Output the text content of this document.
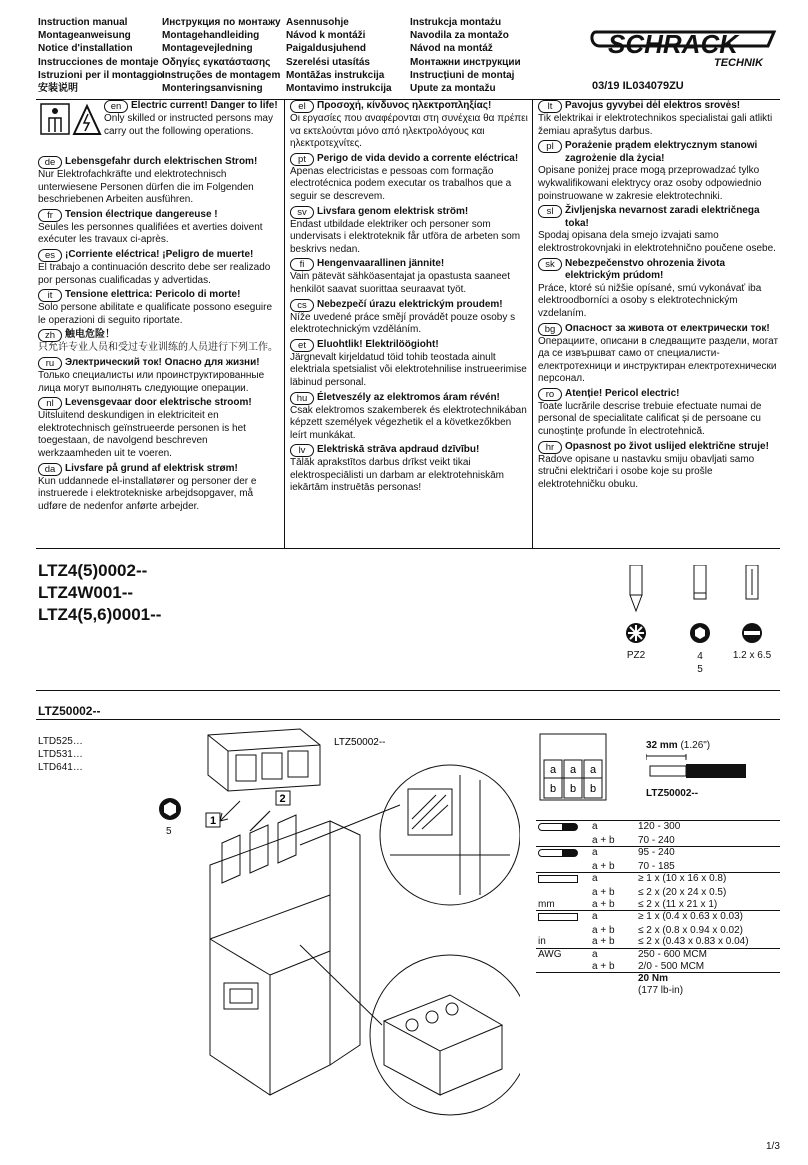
Instruction manual
Montageanweisung
Notice d'installation
Instrucciones de montaje
Istruzioni per il montaggio
安装说明
Инструкция по монтажу
Montagehandleiding
Montagevejledning
Οδηγίες εγκατάστασης
Instruções de montagem
Monteringsanvisning
Asennusohje
Návod k montáži
Paigaldusjuhend
Szerelési utasítás
Montāžas instrukcija
Montavimo instrukcija
Instrukcja montażu
Navodila za montažo
Návod na montáž
Монтажни инструкции
Instrucțiuni de montaj
Upute za montažu
SCHRACK
TECHNIK
03/19 IL034079ZU
en Electric current! Danger to life!
Only skilled or instructed persons may carry out the following operations.
de Lebensgefahr durch elektrischen Strom!
Nur Elektrofachkräfte und elektrotechnisch unterwiesene Personen dürfen die im Folgenden beschriebenen Arbeiten ausführen.
fr	Tension électrique dangereuse !
Seules les personnes qualifiées et averties doivent exécuter les travaux ci-après.
es ¡Corriente eléctrica! ¡Peligro de muerte!
El trabajo a continuación descrito debe ser realizado por personas cualificadas y advertidas.
it	Tensione elettrica: Pericolo di morte!
Solo persone abilitate e qualificate possono eseguire le operazioni di seguito riportate.
zh 触电危险！
只允许专业人员和受过专业训练的人员进行下列工作。
ru	Электрический ток! Опасно для жизни!
Только специалисты или проинструктированные лица могут выполнять следующие операции.
nl	Levensgevaar door elektrische stroom!
Uitsluitend deskundigen in elektriciteit en elektrotechnisch geïnstrueerde personen is het toegestaan, de navolgend beschreven werkzaamheden uit te voeren.
da Livsfare på grund af elektrisk strøm!
Kun uddannede el-installatører og personer der e instruerede i elektrotekniske arbejdsopgaver, må udføre de nedenfor anførte arbejder.
el	Προσοχή, κίνδυνος ηλεκτροπληξίας!
Οι εργασίες που αναφέρονται στη συνέχεια θα πρέπει να εκτελούνται μόνο από ηλεκτρολόγους και ηλεκτροτεχνίτες.
pt	Perigo de vida devido a corrente eléctrica!
Apenas electricistas e pessoas com formação electrotécnica podem executar os trabalhos que a seguir se descrevem.
sv	Livsfara genom elektrisk ström!
Endast utbildade elektriker och personer som undervisats i elektroteknik får utföra de arbeten som beskrivs nedan.
fi	Hengenvaarallinen jännite!
Vain pätevät sähköasentajat ja opastusta saaneet henkilöt saavat suorittaa seuraavat työt.
cs	Nebezpečí úrazu elektrickým proudem!
Níže uvedené práce smějí provádět pouze osoby s elektrotechnickým vzděláním.
et	Eluohtlik! Elektrilöögioht!
Järgnevalt kirjeldatud töid tohib teostada ainult elektriala spetsialist või elektrotehnilise instrueerimise läbinud personal.
hu Életveszély az elektromos áram révén!
Csak elektromos szakemberek és elektrotechnikában képzett személyek végezhetik el a következőkben leírt munkákat.
lv	Elektriskā strāva apdraud dzīvību!
Tālāk aprakstītos darbus drīkst veikt tikai elektrospeciālisti un darbam ar elektrotehniskām iekārtām instruētās personas!
lt	Pavojus gyvybei dėl elektros srovės!
Tik elektrikai ir elektrotechnikos specialistai gali atlikti žemiau aprašytus darbus.
pl	Porażenie prądem elektrycznym stanowi zagrożenie dla życia!
Opisane poniżej prace mogą przeprowadzać tylko wykwalifikowani elektrycy oraz osoby odpowiednio poinstruowane w zakresie elektrotechniki.
sl	Življenjska nevarnost zaradi električnega toka!
Spodaj opisana dela smejo izvajati samo elektrostrokovnjaki in elektrotehnično poučene osebe.
sk	Nebezpečenstvo ohrozenia života elektrickým prúdom!
Práce, ktoré sú nižšie opísané, smú vykonávať iba elektroodborníci a osoby s elektrotechnickým vzdelaním.
bg Опасност за живота от електрически ток!
Операциите, описани в следващите раздели, могат да се извършват само от специалисти-електротехници и инструктиран електротехнически персонал.
ro	Atenție! Pericol electric!
Toate lucrările descrise trebuie efectuate numai de personal de specialitate calificat și de persoane cu cunoștințe profunde în electrotehnică.
hr	Opasnost po život uslijed električne struje!
Radove opisane u nastavku smiju obavljati samo stručni električari i osobe koje su prošle elektrotehničku obuku.
LTZ4(5)0002--
LTZ4W001--
LTZ4(5,6)0001--
PZ2	4
5
1.2 x 6.5
LTZ50002--
LTD525…
LTD531…
LTD641…
5
2
1
LTZ50002--
a a a
b b b
32 mm (1.26")
LTZ50002--
	a	120 - 300
	a + b	70 - 240
	a	95 - 240
	a + b	70 - 185
	a	≥ 1 x (10 x 16 x 0.8)
	a + b	≤ 2 x (20 x 24 x 0.5)
mm	a + b	≤ 2 x (11 x 21 x 1)
	a	≥ 1 x (0.4 x 0.63 x 0.03)
	a + b	≤ 2 x (0.8 x 0.94 x 0.02)
in	a + b	≤ 2 x (0.43 x 0.83 x 0.04)
AWG	a	250 - 600 MCM
	a + b	2/0 - 500 MCM
		20 Nm
		(177 lb-in)
1/3
